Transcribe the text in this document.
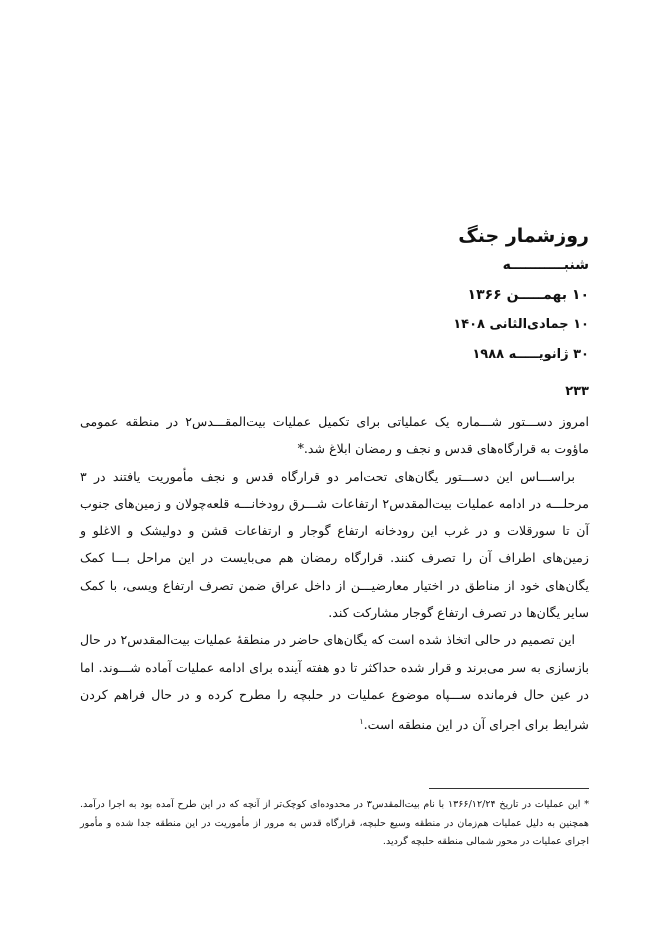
روزشمار جنگ

شنبـــــــــــه

۱۰ بهمـــــن ۱۳۶۶

۱۰ جمادی‌الثانی ۱۴۰۸

۳۰ ژانویـــــه ۱۹۸۸

۲۳۳

امروز دســـتور شـــماره یک عملیاتی برای تکمیل عملیات بیت‌المقـــدس۲ در منطقه عمومی ماؤوت به قرارگاه‌های قدس و نجف و رمضان ابلاغ شد.*

براســـاس این دســـتور یگان‌های تحت‌امر دو قرارگاه قدس و نجف مأموریت یافتند در ۳ مرحلـــه در ادامه عملیات بیت‌المقدس۲ ارتفاعات شـــرق رودخانـــه قلعه‌چولان و زمین‌های جنوب آن تا سورقلات و در غرب این رودخانه ارتفاع گوجار و ارتفاعات قشن و دولیشک و الاغلو و زمین‌های اطراف آن را تصرف کنند. قرارگاه رمضان هم می‌بایست در این مراحل بـــا کمک یگان‌های خود از مناطق در اختیار معارضیـــن از داخل عراق ضمن تصرف ارتفاع ویسی، با کمک سایر یگان‌ها در تصرف ارتفاع گوجار مشارکت کند.

این تصمیم در حالی اتخاذ شده است که یگان‌های حاضر در منطقهٔ عملیات بیت‌المقدس۲ در حال بازسازی به سر می‌برند و قرار شده حداکثر تا دو هفته آینده برای ادامه عملیات آماده شـــوند. اما در عین حال فرمانده ســـپاه موضوع عملیات در حلبچه را مطرح کرده و در حال فراهم کردن شرایط برای اجرای آن در این منطقه است.$^۱$

* این عملیات در تاریخ ۱۳۶۶/۱۲/۲۴ با نام بیت‌المقدس۳ در محدوده‌ای کوچک‌تر از آنچه که در این طرح آمده بود به اجرا درآمد. همچنین به دلیل عملیات هم‌زمان در منطقه وسیع حلبچه، قرارگاه قدس به مرور از مأموریت در این منطقه جدا شده و مأمور اجرای عملیات در محور شمالی منطقه حلبچه گردید.
